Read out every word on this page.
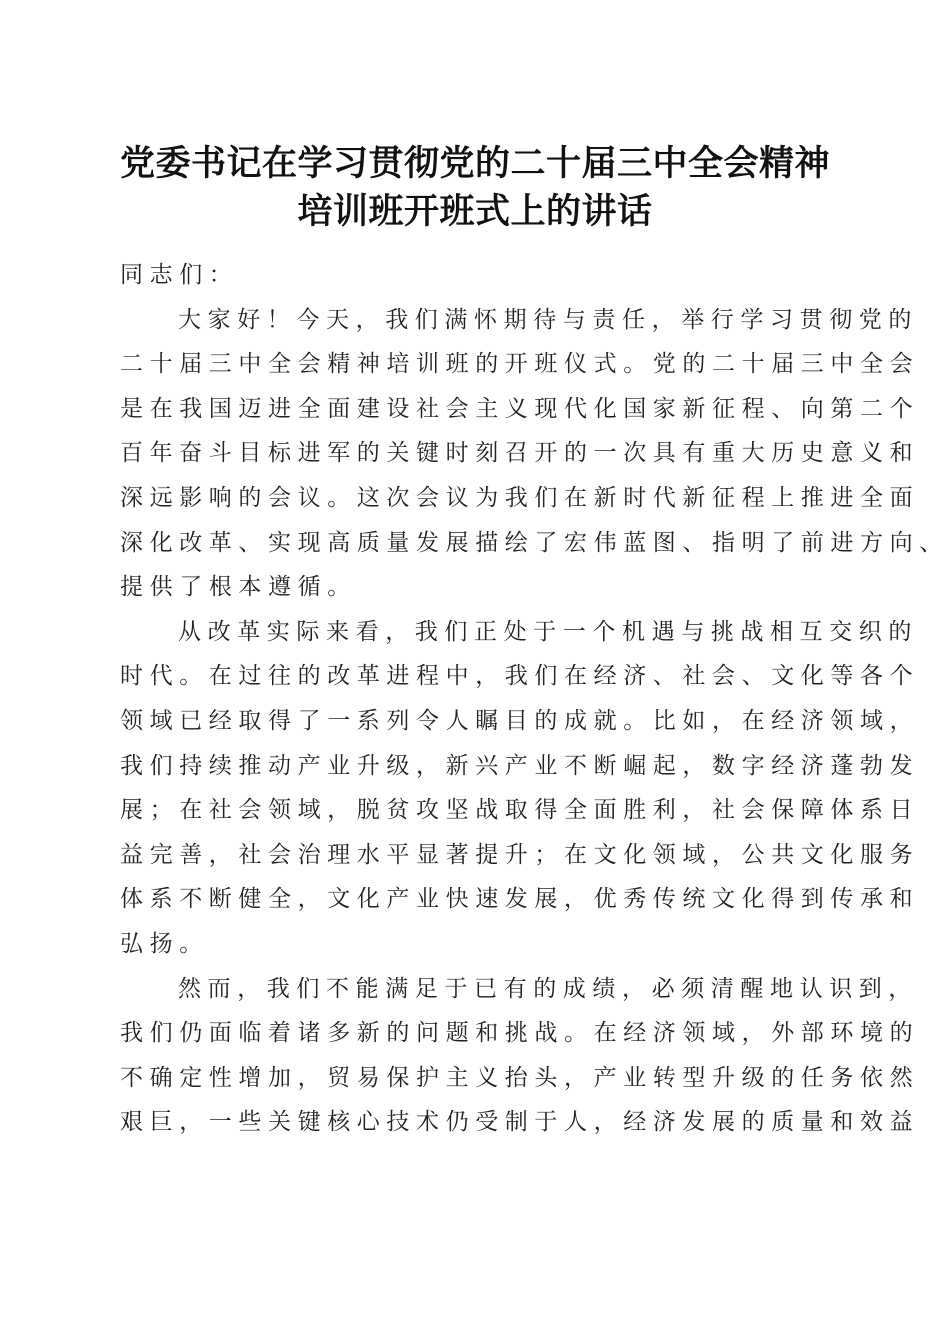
党委书记在学习贯彻党的二十届三中全会精神
培训班开班式上的讲话
同志们：
大家好！今天，我们满怀期待与责任，举行学习贯彻党的
二十届三中全会精神培训班的开班仪式。党的二十届三中全会
是在我国迈进全面建设社会主义现代化国家新征程、向第二个
百年奋斗目标进军的关键时刻召开的一次具有重大历史意义和
深远影响的会议。这次会议为我们在新时代新征程上推进全面
深化改革、实现高质量发展描绘了宏伟蓝图、指明了前进方向、
提供了根本遵循。
从改革实际来看，我们正处于一个机遇与挑战相互交织的
时代。在过往的改革进程中，我们在经济、社会、文化等各个
领域已经取得了一系列令人瞩目的成就。比如，在经济领域，
我们持续推动产业升级，新兴产业不断崛起，数字经济蓬勃发
展；在社会领域，脱贫攻坚战取得全面胜利，社会保障体系日
益完善，社会治理水平显著提升；在文化领域，公共文化服务
体系不断健全，文化产业快速发展，优秀传统文化得到传承和
弘扬。
然而，我们不能满足于已有的成绩，必须清醒地认识到，
我们仍面临着诸多新的问题和挑战。在经济领域，外部环境的
不确定性增加，贸易保护主义抬头，产业转型升级的任务依然
艰巨，一些关键核心技术仍受制于人，经济发展的质量和效益
